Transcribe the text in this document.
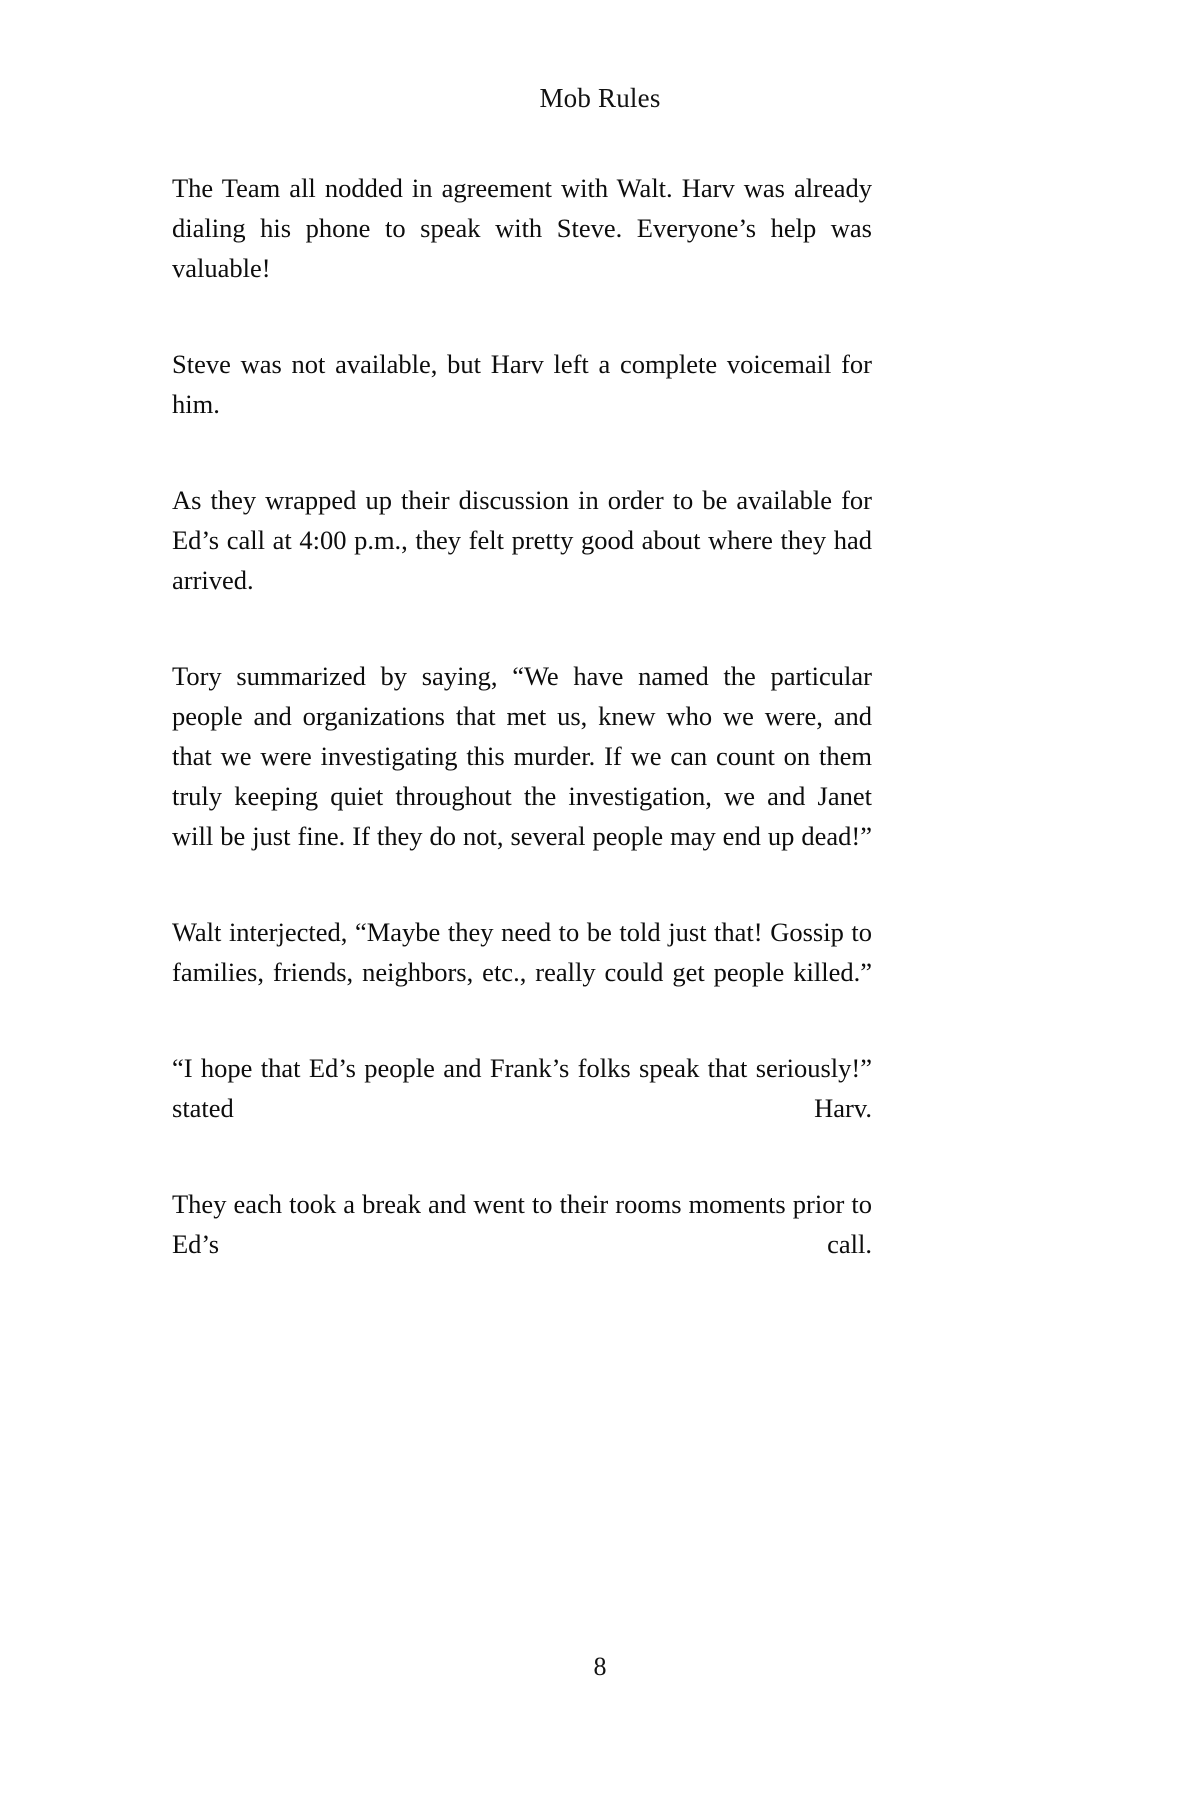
Mob Rules

The Team all nodded in agreement with Walt. Harv was already dialing his phone to speak with Steve. Everyone’s help was valuable!

Steve was not available, but Harv left a complete voicemail for him.

As they wrapped up their discussion in order to be available for Ed’s call at 4:00 p.m., they felt pretty good about where they had arrived.

Tory summarized by saying, “We have named the particular people and organizations that met us, knew who we were, and that we were investigating this murder. If we can count on them truly keeping quiet throughout the investigation, we and Janet will be just fine. If they do not, several people may end up dead!”

Walt interjected, “Maybe they need to be told just that! Gossip to families, friends, neighbors, etc., really could get people killed.”

“I hope that Ed’s people and Frank’s folks speak that seriously!” stated Harv.

They each took a break and went to their rooms moments prior to Ed’s call.

8
